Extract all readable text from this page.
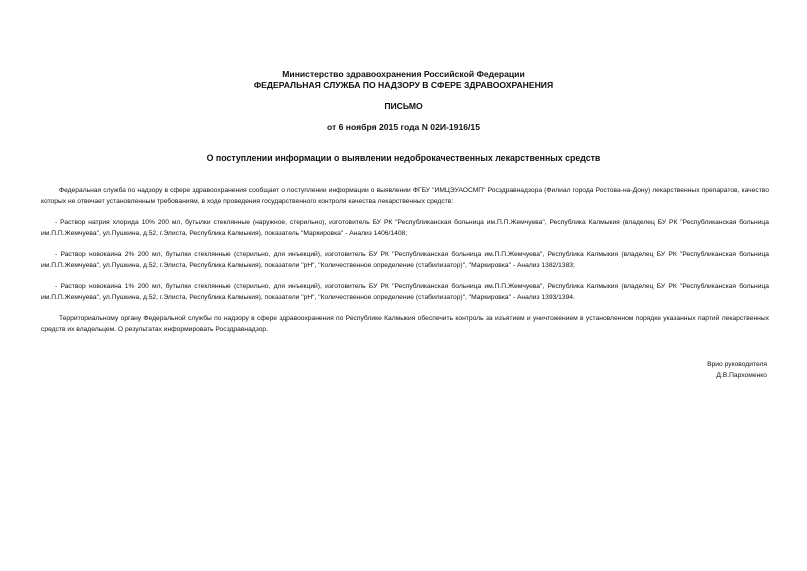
Министерство здравоохранения Российской Федерации
ФЕДЕРАЛЬНАЯ СЛУЖБА ПО НАДЗОРУ В СФЕРЕ ЗДРАВООХРАНЕНИЯ
ПИСЬМО
от 6 ноября 2015 года N 02И-1916/15
О поступлении информации о выявлении недоброкачественных лекарственных средств

Федеральная служба по надзору в сфере здравоохранения сообщает о поступлении информации о выявлении ФГБУ "ИМЦЭУАОСМП" Росздравнадзора (Филиал города Ростова-на-Дону) лекарственных препаратов, качество которых не отвечает установленным требованиям, в ходе проведения государственного контроля качества лекарственных средств:

- Раствор натрия хлорида 10% 200 мл, бутылки стеклянные (наружное, стерильно), изготовитель БУ РК "Республиканская больница им.П.П.Жемчуева", Республика Калмыкия (владелец БУ РК "Республиканская больница им.П.П.Жемчуева", ул.Пушкина, д.52, г.Элиста, Республика Калмыкия), показатель "Маркировка" - Анализ 1406/1408;

- Раствор новокаина 2% 200 мл, бутылки стеклянные (стерильно, для инъекций), изготовитель БУ РК "Республиканская больница им.П.П.Жемчуева", Республика Калмыкия (владелец БУ РК "Республиканская больница им.П.П.Жемчуева", ул.Пушкина, д.52, г.Элиста, Республика Калмыкия), показатели "рН", "Количественное определение (стабилизатор)", "Маркировка" - Анализ 1382/1383;

- Раствор новокаина 1% 200 мл, бутылки стеклянные (стерильно, для инъекций), изготовитель БУ РК "Республиканская больница им.П.П.Жемчуева", Республика Калмыкия (владелец БУ РК "Республиканская больница им.П.П.Жемчуева", ул.Пушкина, д.52, г.Элиста, Республика Калмыкия), показатели "рН", "Количественное определение (стабилизатор)", "Маркировка" - Анализ 1393/1394.

Территориальному органу Федеральной службы по надзору в сфере здравоохранения по Республике Калмыкия обеспечить контроль за изъятием и уничтожением в установленном порядке указанных партий лекарственных средств их владельцем. О результатах информировать Росздравнадзор.

Врио руководителя
Д.В.Пархоменко
